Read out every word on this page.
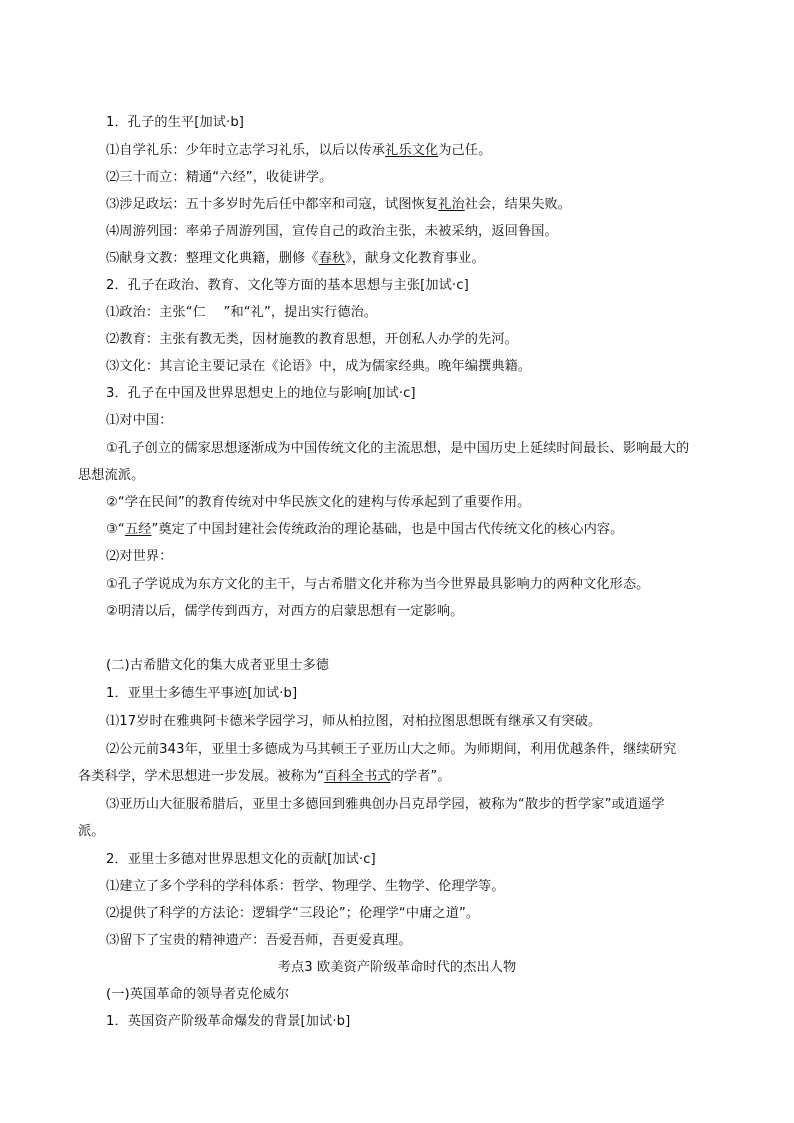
1．孔子的生平[加试·b]
⑴自学礼乐：少年时立志学习礼乐，以后以传承礼乐文化为己任。
⑵三十而立：精通“六经”，收徒讲学。
⑶涉足政坛：五十多岁时先后任中都宰和司寇，试图恢复礼治社会，结果失败。
⑷周游列国：率弟子周游列国，宣传自己的政治主张，未被采纳，返回鲁国。
⑸献身文教：整理文化典籍，删修《春秋》，献身文化教育事业。
2．孔子在政治、教育、文化等方面的基本思想与主张[加试·c]
⑴政治：主张“仁　 ”和“礼”，提出实行德治。
⑵教育：主张有教无类，因材施教的教育思想，开创私人办学的先河。
⑶文化：其言论主要记录在《论语》中，成为儒家经典。晚年编撰典籍。
3．孔子在中国及世界思想史上的地位与影响[加试·c]
⑴对中国：
①孔子创立的儒家思想逐渐成为中国传统文化的主流思想，是中国历史上延续时间最长、影响最大的
思想流派。
②“学在民间”的教育传统对中华民族文化的建构与传承起到了重要作用。
③“五经”奠定了中国封建社会传统政治的理论基础，也是中国古代传统文化的核心内容。
⑵对世界：
①孔子学说成为东方文化的主干，与古希腊文化并称为当今世界最具影响力的两种文化形态。
②明清以后，儒学传到西方，对西方的启蒙思想有一定影响。
(二)古希腊文化的集大成者亚里士多德
1．亚里士多德生平事迹[加试·b]
⑴17岁时在雅典阿卡德米学园学习，师从柏拉图，对柏拉图思想既有继承又有突破。
⑵公元前343年，亚里士多德成为马其顿王子亚历山大之师。为师期间，利用优越条件，继续研究
各类科学，学术思想进一步发展。被称为“百科全书式的学者”。
⑶亚历山大征服希腊后，亚里士多德回到雅典创办吕克昂学园，被称为“散步的哲学家”或逍遥学
派。
2．亚里士多德对世界思想文化的贡献[加试·c]
⑴建立了多个学科的学科体系：哲学、物理学、生物学、伦理学等。
⑵提供了科学的方法论：逻辑学“三段论”；伦理学“中庸之道”。
⑶留下了宝贵的精神遗产：吾爱吾师，吾更爱真理。
考点3 欧美资产阶级革命时代的杰出人物
(一)英国革命的领导者克伦威尔
1．英国资产阶级革命爆发的背景[加试·b]
